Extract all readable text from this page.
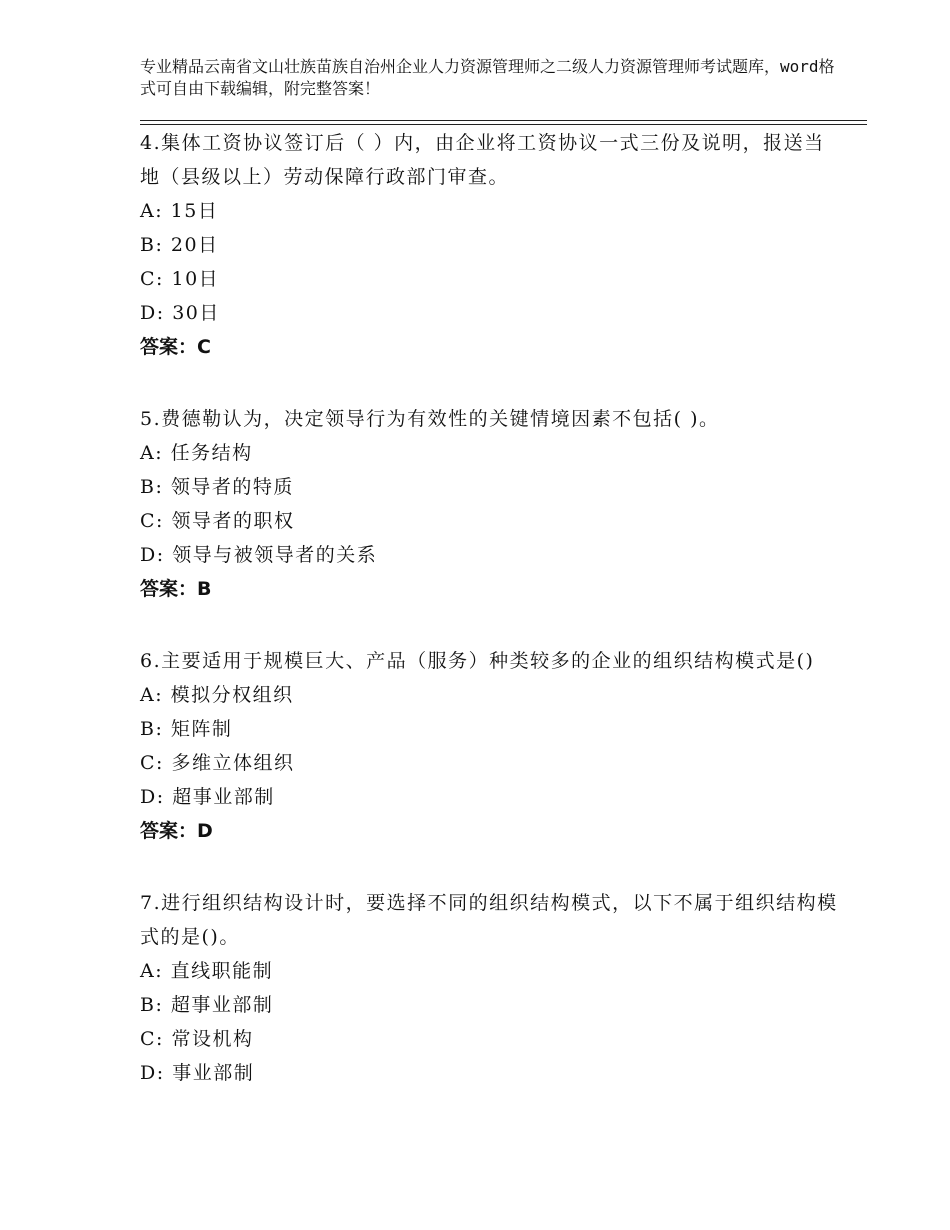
专业精品云南省文山壮族苗族自治州企业人力资源管理师之二级人力资源管理师考试题库，word格式可自由下载编辑，附完整答案！

4.集体工资协议签订后（ ）内，由企业将工资协议一式三份及说明，报送当地（县级以上）劳动保障行政部门审查。

A: 15日

B: 20日

C: 10日

D: 30日

答案：C

5.费德勒认为，决定领导行为有效性的关键情境因素不包括( )。

A: 任务结构

B: 领导者的特质

C: 领导者的职权

D: 领导与被领导者的关系

答案：B

6.主要适用于规模巨大、产品（服务）种类较多的企业的组织结构模式是()

A: 模拟分权组织

B: 矩阵制

C: 多维立体组织

D: 超事业部制

答案：D

7.进行组织结构设计时，要选择不同的组织结构模式，以下不属于组织结构模式的是()。

A: 直线职能制

B: 超事业部制

C: 常设机构

D: 事业部制
